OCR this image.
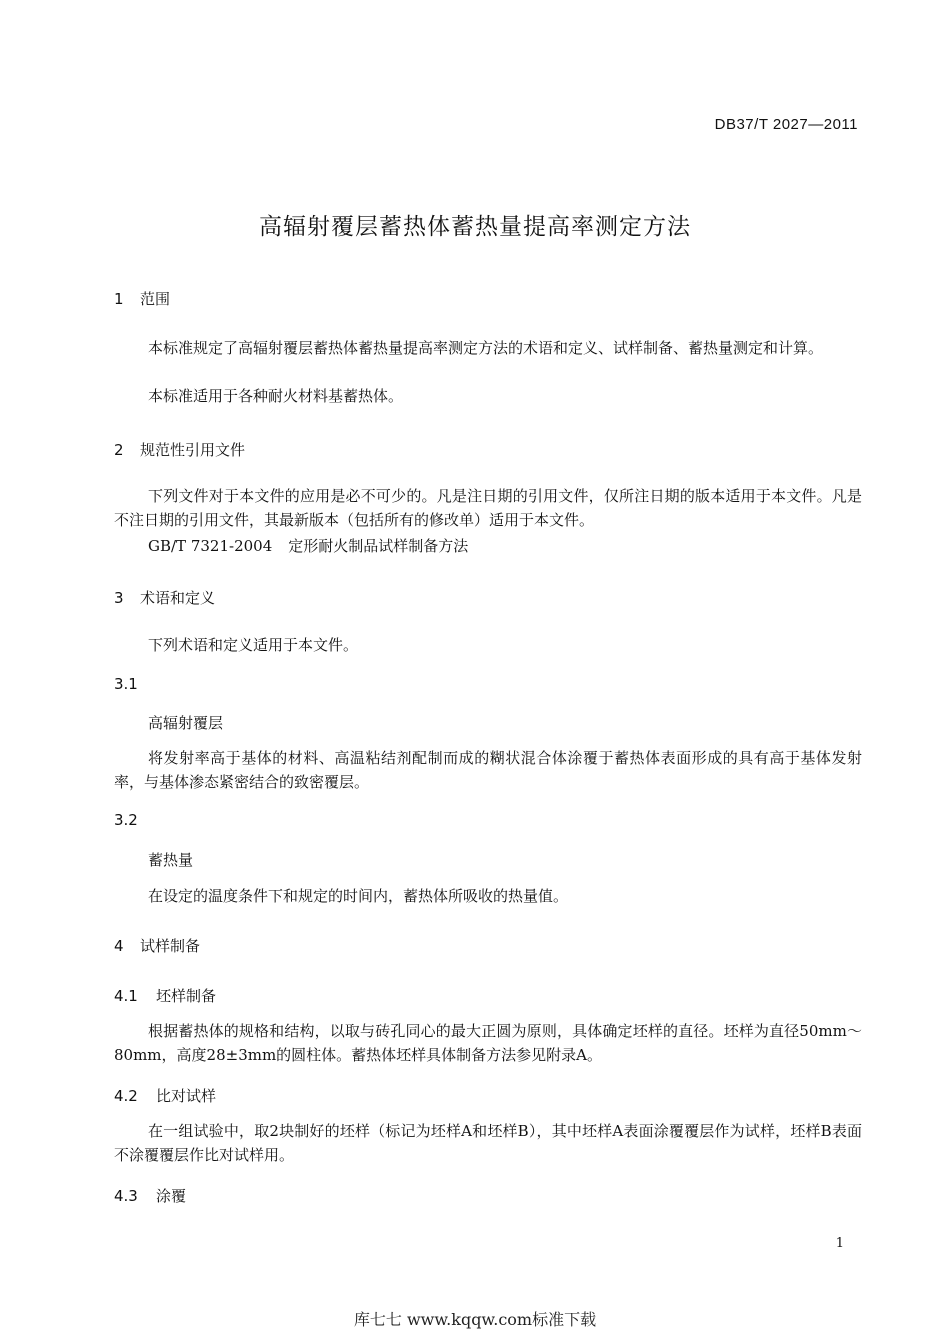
DB37/T 2027—2011
高辐射覆层蓄热体蓄热量提高率测定方法
1 范围
本标准规定了高辐射覆层蓄热体蓄热量提高率测定方法的术语和定义、试样制备、蓄热量测定和计算。
本标准适用于各种耐火材料基蓄热体。
2 规范性引用文件
下列文件对于本文件的应用是必不可少的。凡是注日期的引用文件，仅所注日期的版本适用于本文件。凡是不注日期的引用文件，其最新版本（包括所有的修改单）适用于本文件。
GB/T 7321-2004 定形耐火制品试样制备方法
3 术语和定义
下列术语和定义适用于本文件。
3.1
高辐射覆层
将发射率高于基体的材料、高温粘结剂配制而成的糊状混合体涂覆于蓄热体表面形成的具有高于基体发射率，与基体渗态紧密结合的致密覆层。
3.2
蓄热量
在设定的温度条件下和规定的时间内，蓄热体所吸收的热量值。
4 试样制备
4.1 坯样制备
根据蓄热体的规格和结构，以取与砖孔同心的最大正圆为原则，具体确定坯样的直径。坯样为直径50mm～80mm，高度28±3mm的圆柱体。蓄热体坯样具体制备方法参见附录A。
4.2 比对试样
在一组试验中，取2块制好的坯样（标记为坯样A和坯样B），其中坯样A表面涂覆覆层作为试样，坯样B表面不涂覆覆层作比对试样用。
4.3 涂覆
1
库七七 www.kqqw.com标准下载
